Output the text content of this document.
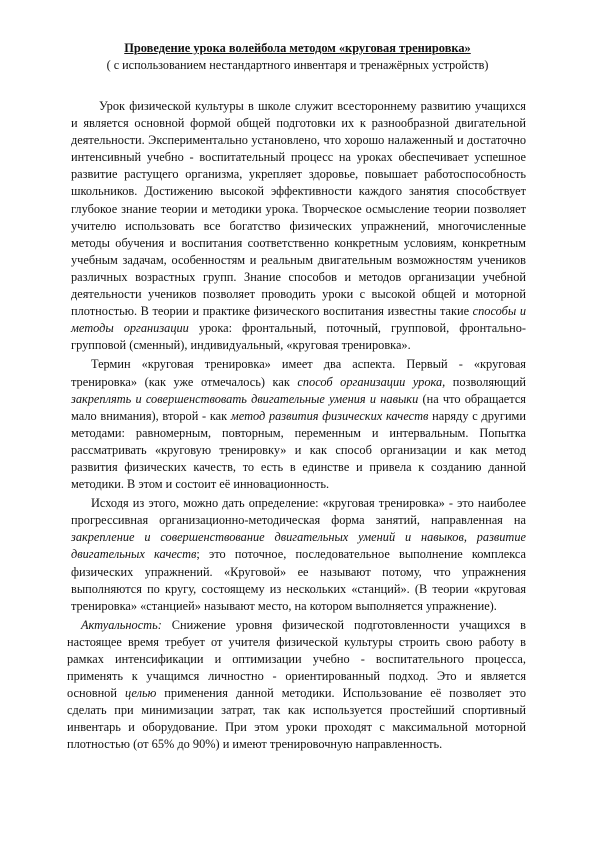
Проведение урока волейбола методом «круговая тренировка»
( с использованием нестандартного инвентаря и тренажёрных устройств)

Урок физической культуры в школе служит всестороннему развитию учащихся и является основной формой общей подготовки их к разнообразной двигательной деятельности. Экспериментально установлено, что хорошо налаженный и достаточно интенсивный учебно - воспитательный процесс на уроках обеспечивает успешное развитие растущего организма, укрепляет здоровье, повышает работоспособность школьников. Достижению высокой эффективности каждого занятия способствует глубокое знание теории и методики урока. Творческое осмысление теории позволяет учителю использовать все богатство физических упражнений, многочисленные методы обучения и воспитания соответственно конкретным условиям, конкретным учебным задачам, особенностям и реальным двигательным возможностям учеников различных возрастных групп. Знание способов и методов организации учебной деятельности учеников позволяет проводить уроки с высокой общей и моторной плотностью. В теории и практике физического воспитания известны такие способы и методы организации урока: фронтальный, поточный, групповой, фронтально-групповой (сменный), индивидуальный, «круговая тренировка».

Термин «круговая тренировка» имеет два аспекта. Первый - «круговая тренировка» (как уже отмечалось) как способ организации урока, позволяющий закреплять и совершенствовать двигательные умения и навыки (на что обращается мало внимания), второй - как метод развития физических качеств наряду с другими методами: равномерным, повторным, переменным и интервальным. Попытка рассматривать «круговую тренировку» и как способ организации и как метод развития физических качеств, то есть в единстве и привела к созданию данной методики. В этом и состоит её инновационность.

Исходя из этого, можно дать определение: «круговая тренировка» - это наиболее прогрессивная организационно-методическая форма занятий, направленная на закрепление и совершенствование двигательных умений и навыков, развитие двигательных качеств; это поточное, последовательное выполнение комплекса физических упражнений. «Круговой» ее называют потому, что упражнения выполняются по кругу, состоящему из нескольких «станций». (В теории «круговая тренировка» «станцией» называют место, на котором выполняется упражнение).

Актуальность: Снижение уровня физической подготовленности учащихся в настоящее время требует от учителя физической культуры строить свою работу в рамках интенсификации и оптимизации учебно - воспитательного процесса, применять к учащимся личностно - ориентированный подход. Это и является основной целью применения данной методики. Использование её позволяет это сделать при минимизации затрат, так как используется простейший спортивный инвентарь и оборудование. При этом уроки проходят с максимальной моторной плотностью (от 65% до 90%) и имеют тренировочную направленность.
